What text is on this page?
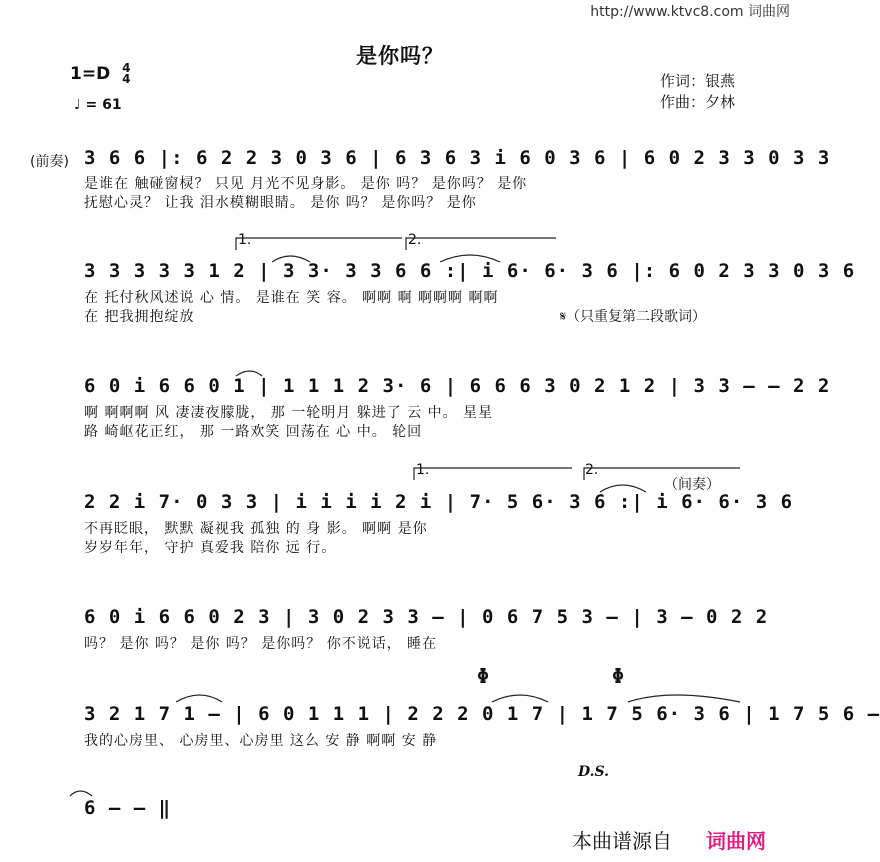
http://www.ktvc8.com 词曲网
是你吗？
1=D 4
4
♩ = 61
作词：银燕
作曲：夕林
(前奏) 3 6 6 |: 6 2 2 3 0 3 6 | 6 3 6 3 i 6 0 3 6 | 6 0 2 3 3 0 3 3
是谁在 触碰窗棂？ 只见 月光不见身影。 是你 吗？ 是你吗？ 是你
抚慰心灵？ 让我 泪水模糊眼睛。 是你 吗？ 是你吗？ 是你
1.	2.
3 3 3 3 3 1 2 | 3 3· 3 3 6 6 :| i 6· 6· 3 6 |: 6 0 2 3 3 0 3 6
在 托付秋风述说 心 情。 是谁在 笑 容。 啊啊 啊 啊啊啊 啊啊
在 把我拥抱绽放	𝄋（只重复第二段歌词）
6 0 i 6 6 0 1 | 1 1 1 2 3· 6 | 6 6 6 3 0 2 1 2 | 3 3 – – 2 2
啊 啊啊啊 风 凄凄夜朦胧， 那 一轮明月 躲进了 云 中。 星星
路 崎岖花正红， 那 一路欢笑 回荡在 心 中。 轮回
1.	2.
（间奏）
2 2 i 7· 0 3 3 | i i i i 2 i | 7· 5 6· 3 6 :| i 6· 6· 3 6
不再眨眼， 默默 凝视我 孤独 的 身 影。 啊啊 是你
岁岁年年， 守护 真爱我 陪你 远 行。
6 0 i 6 6 0 2 3 | 3 0 2 3 3 – | 0 6 7 5 3 – | 3 – 0 2 2
吗？ 是你 吗？ 是你 吗？ 是你吗？ 你不说话， 睡在
Φ	Φ
3 2 1 7 1 – | 6 0 1 1 1 | 2 2 2 0 1 7 | 1 7 5 6· 3 6 | 1 7 5 6 –
我的心房里、 心房里、心房里 这么 安 静 啊啊 安 静
D.S.
6 – – ‖
本曲谱源自 词曲网
